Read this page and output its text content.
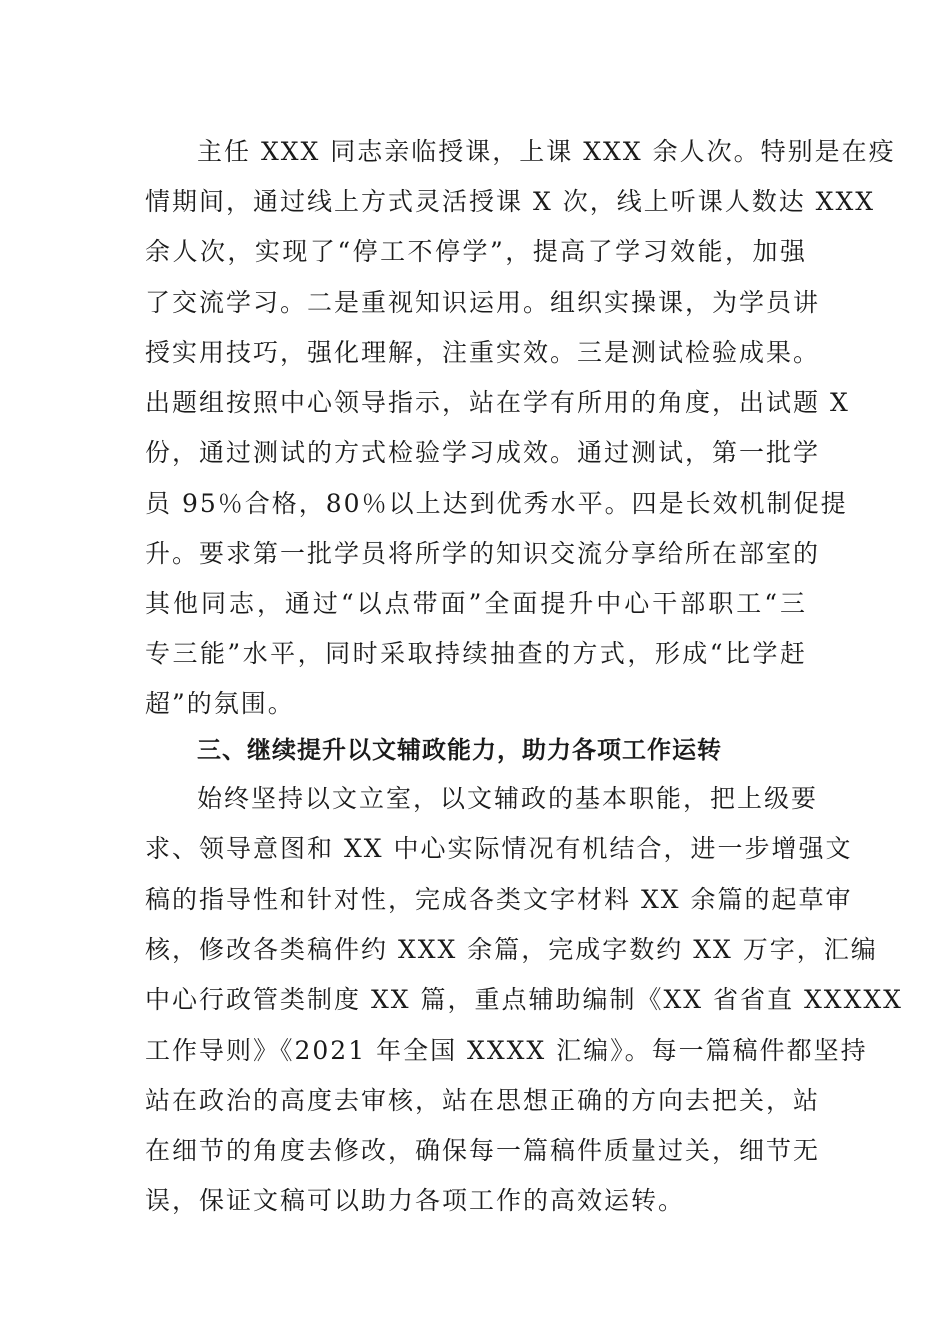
主任 XXX 同志亲临授课，上课 XXX 余人次。特别是在疫
情期间，通过线上方式灵活授课 X 次，线上听课人数达 XXX
余人次，实现了“停工不停学”，提高了学习效能，加强
了交流学习。二是重视知识运用。组织实操课，为学员讲
授实用技巧，强化理解，注重实效。三是测试检验成果。
出题组按照中心领导指示，站在学有所用的角度，出试题 X
份，通过测试的方式检验学习成效。通过测试，第一批学
员 95％合格，80％以上达到优秀水平。四是长效机制促提
升。要求第一批学员将所学的知识交流分享给所在部室的
其他同志，通过“以点带面”全面提升中心干部职工“三
专三能”水平，同时采取持续抽查的方式，形成“比学赶
超”的氛围。
三、继续提升以文辅政能力，助力各项工作运转
始终坚持以文立室，以文辅政的基本职能，把上级要
求、领导意图和 XX 中心实际情况有机结合，进一步增强文
稿的指导性和针对性，完成各类文字材料 XX 余篇的起草审
核，修改各类稿件约 XXX 余篇，完成字数约 XX 万字，汇编
中心行政管类制度 XX 篇，重点辅助编制《XX 省省直 XXXXX
工作导则》《2021 年全国 XXXX 汇编》。每一篇稿件都坚持
站在政治的高度去审核，站在思想正确的方向去把关，站
在细节的角度去修改，确保每一篇稿件质量过关，细节无
误，保证文稿可以助力各项工作的高效运转。
